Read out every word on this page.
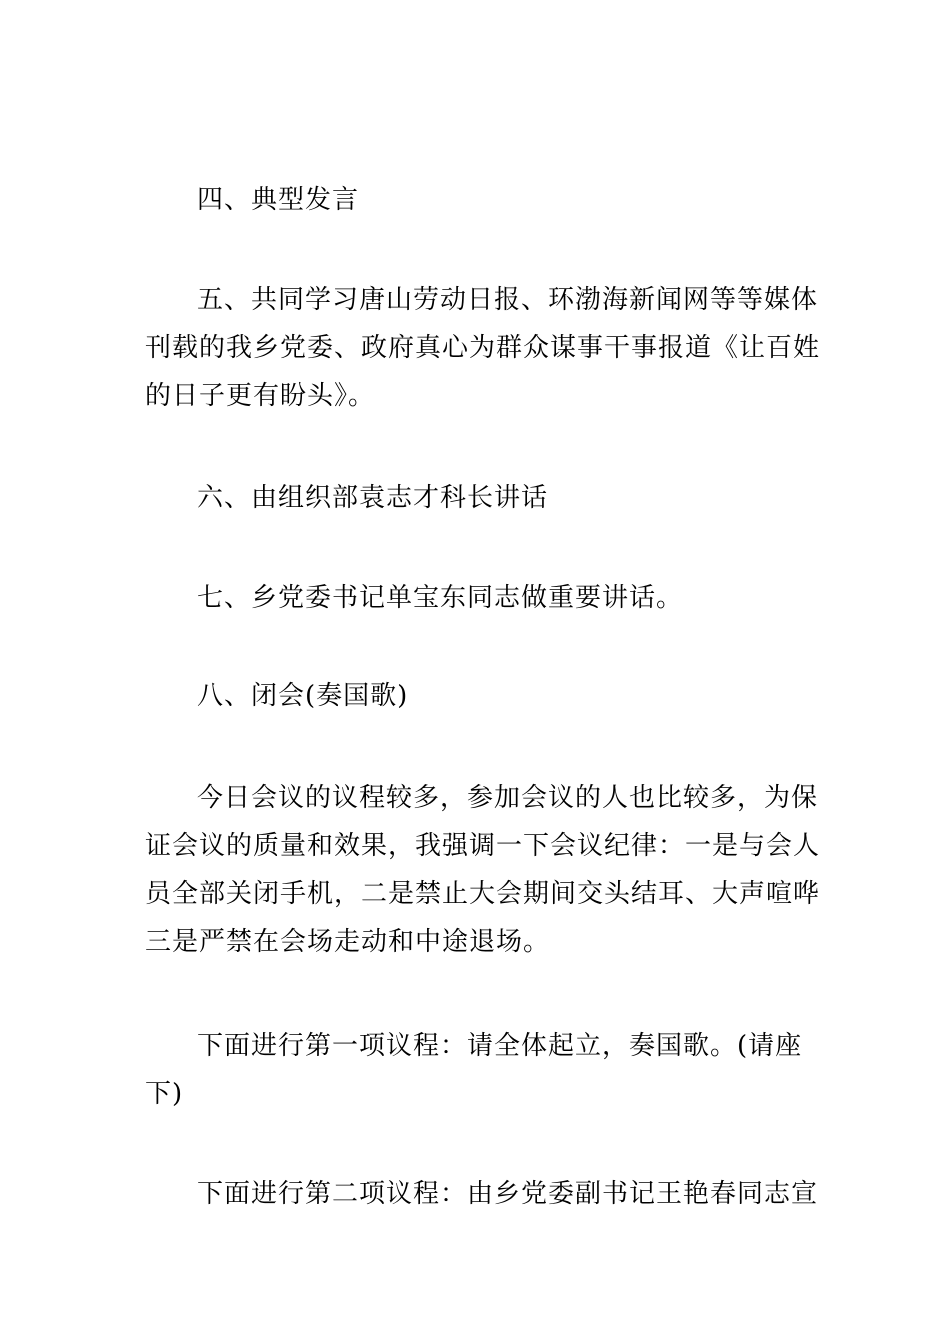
四、典型发言

五、共同学习唐山劳动日报、环渤海新闻网等等媒体
刊载的我乡党委、政府真心为群众谋事干事报道《让百姓
的日子更有盼头》。

六、由组织部袁志才科长讲话

七、乡党委书记单宝东同志做重要讲话。

八、闭会(奏国歌)

今日会议的议程较多，参加会议的人也比较多，为保
证会议的质量和效果，我强调一下会议纪律：一是与会人
员全部关闭手机，二是禁止大会期间交头结耳、大声喧哗
三是严禁在会场走动和中途退场。

下面进行第一项议程：请全体起立，奏国歌。(请座
下)

下面进行第二项议程：由乡党委副书记王艳春同志宣
